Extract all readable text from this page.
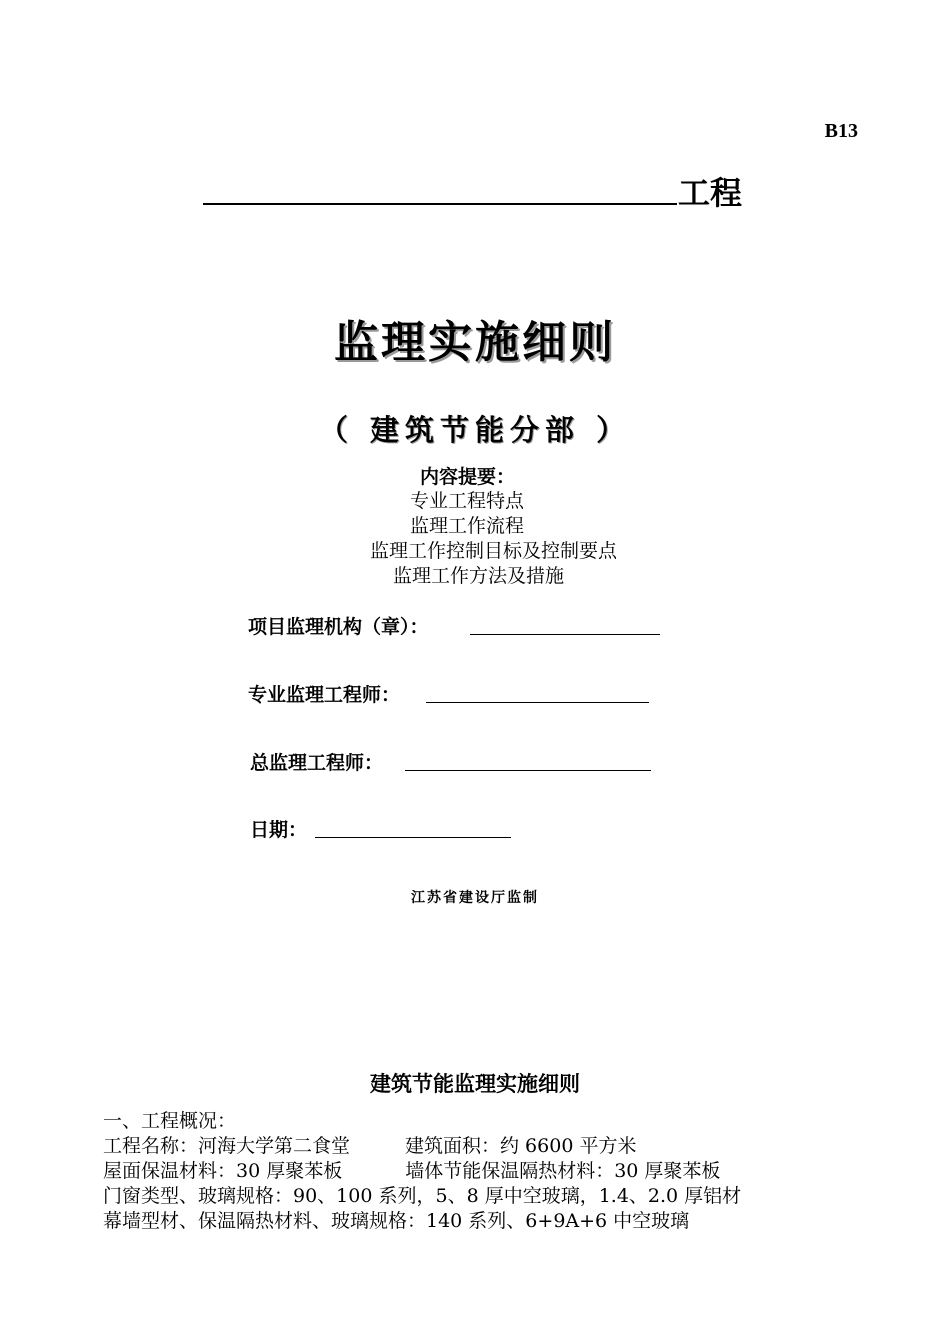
B13
工程
监理实施细则
（ 建筑节能分部 ）
内容提要：
专业工程特点
监理工作流程
监理工作控制目标及控制要点
监理工作方法及措施
项目监理机构（章）：
专业监理工程师：
总监理工程师：
日期：
江苏省建设厅监制
建筑节能监理实施细则
一、工程概况：
工程名称：河海大学第二食堂	建筑面积：约 6600 平方米
屋面保温材料：30 厚聚苯板	墙体节能保温隔热材料：30 厚聚苯板
门窗类型、玻璃规格：90、100 系列，5、8 厚中空玻璃，1.4、2.0 厚铝材
幕墙型材、保温隔热材料、玻璃规格：140 系列、6+9A+6 中空玻璃
